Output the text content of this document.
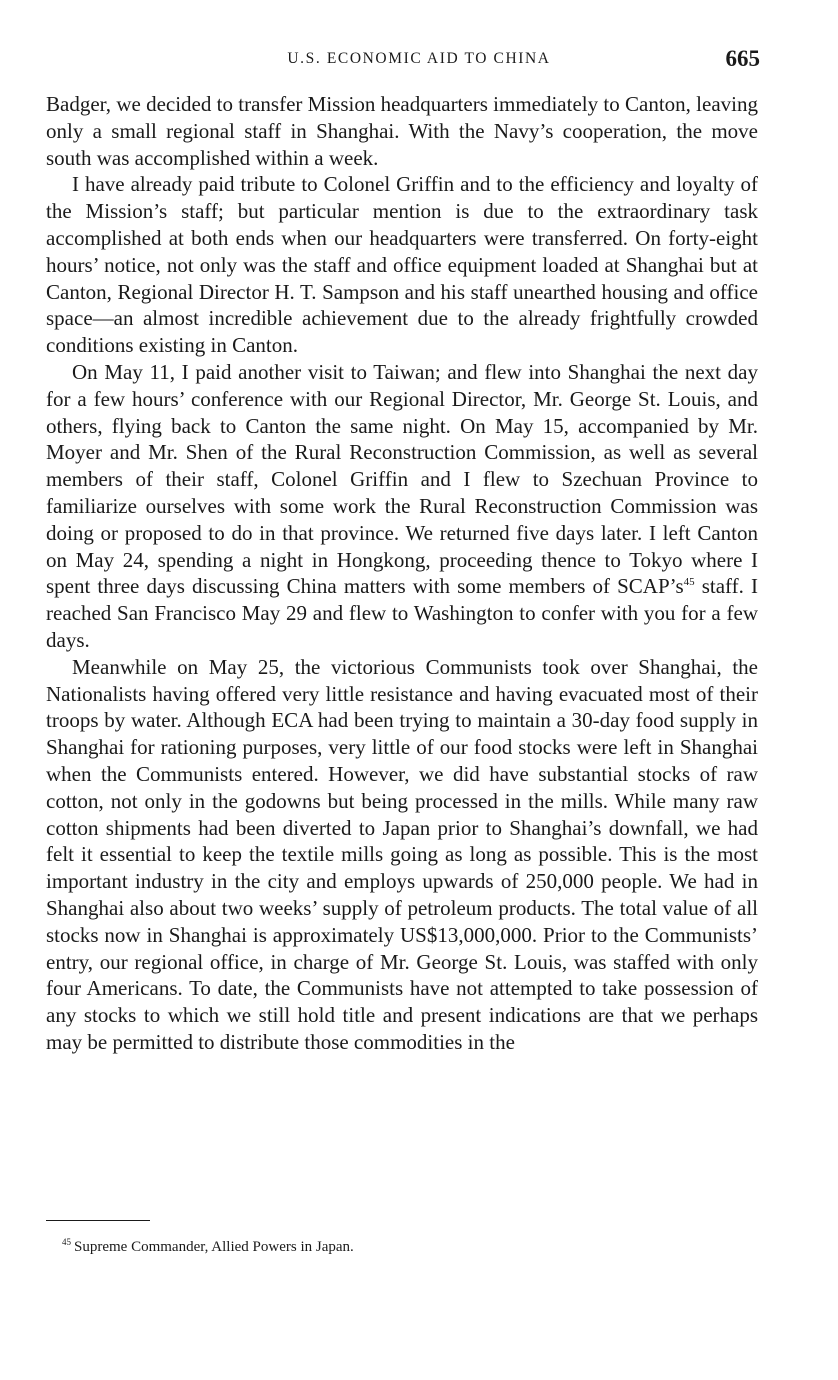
U.S. ECONOMIC AID TO CHINA	665

Badger, we decided to transfer Mission headquarters immediately to Canton, leaving only a small regional staff in Shanghai. With the Navy’s cooperation, the move south was accomplished within a week.

I have already paid tribute to Colonel Griffin and to the efficiency and loyalty of the Mission’s staff; but particular mention is due to the extraordinary task accomplished at both ends when our headquarters were transferred. On forty-eight hours’ notice, not only was the staff and office equipment loaded at Shanghai but at Canton, Regional Director H. T. Sampson and his staff unearthed housing and office space—an almost incredible achievement due to the already frightfully crowded conditions existing in Canton.

On May 11, I paid another visit to Taiwan; and flew into Shanghai the next day for a few hours’ conference with our Regional Director, Mr. George St. Louis, and others, flying back to Canton the same night. On May 15, accompanied by Mr. Moyer and Mr. Shen of the Rural Reconstruction Commission, as well as several members of their staff, Colonel Griffin and I flew to Szechuan Province to familiarize ourselves with some work the Rural Reconstruction Commission was doing or proposed to do in that province. We returned five days later. I left Canton on May 24, spending a night in Hongkong, proceeding thence to Tokyo where I spent three days discussing China matters with some members of SCAP’s$^{45}$ staff. I reached San Francisco May 29 and flew to Washington to confer with you for a few days.

Meanwhile on May 25, the victorious Communists took over Shanghai, the Nationalists having offered very little resistance and having evacuated most of their troops by water. Although ECA had been trying to maintain a 30-day food supply in Shanghai for rationing purposes, very little of our food stocks were left in Shanghai when the Communists entered. However, we did have substantial stocks of raw cotton, not only in the godowns but being processed in the mills. While many raw cotton shipments had been diverted to Japan prior to Shanghai’s downfall, we had felt it essential to keep the textile mills going as long as possible. This is the most important industry in the city and employs upwards of 250,000 people. We had in Shanghai also about two weeks’ supply of petroleum products. The total value of all stocks now in Shanghai is approximately US$13,000,000. Prior to the Communists’ entry, our regional office, in charge of Mr. George St. Louis, was staffed with only four Americans. To date, the Communists have not attempted to take possession of any stocks to which we still hold title and present indications are that we perhaps may be permitted to distribute those commodities in the

$^{45}$ Supreme Commander, Allied Powers in Japan.
